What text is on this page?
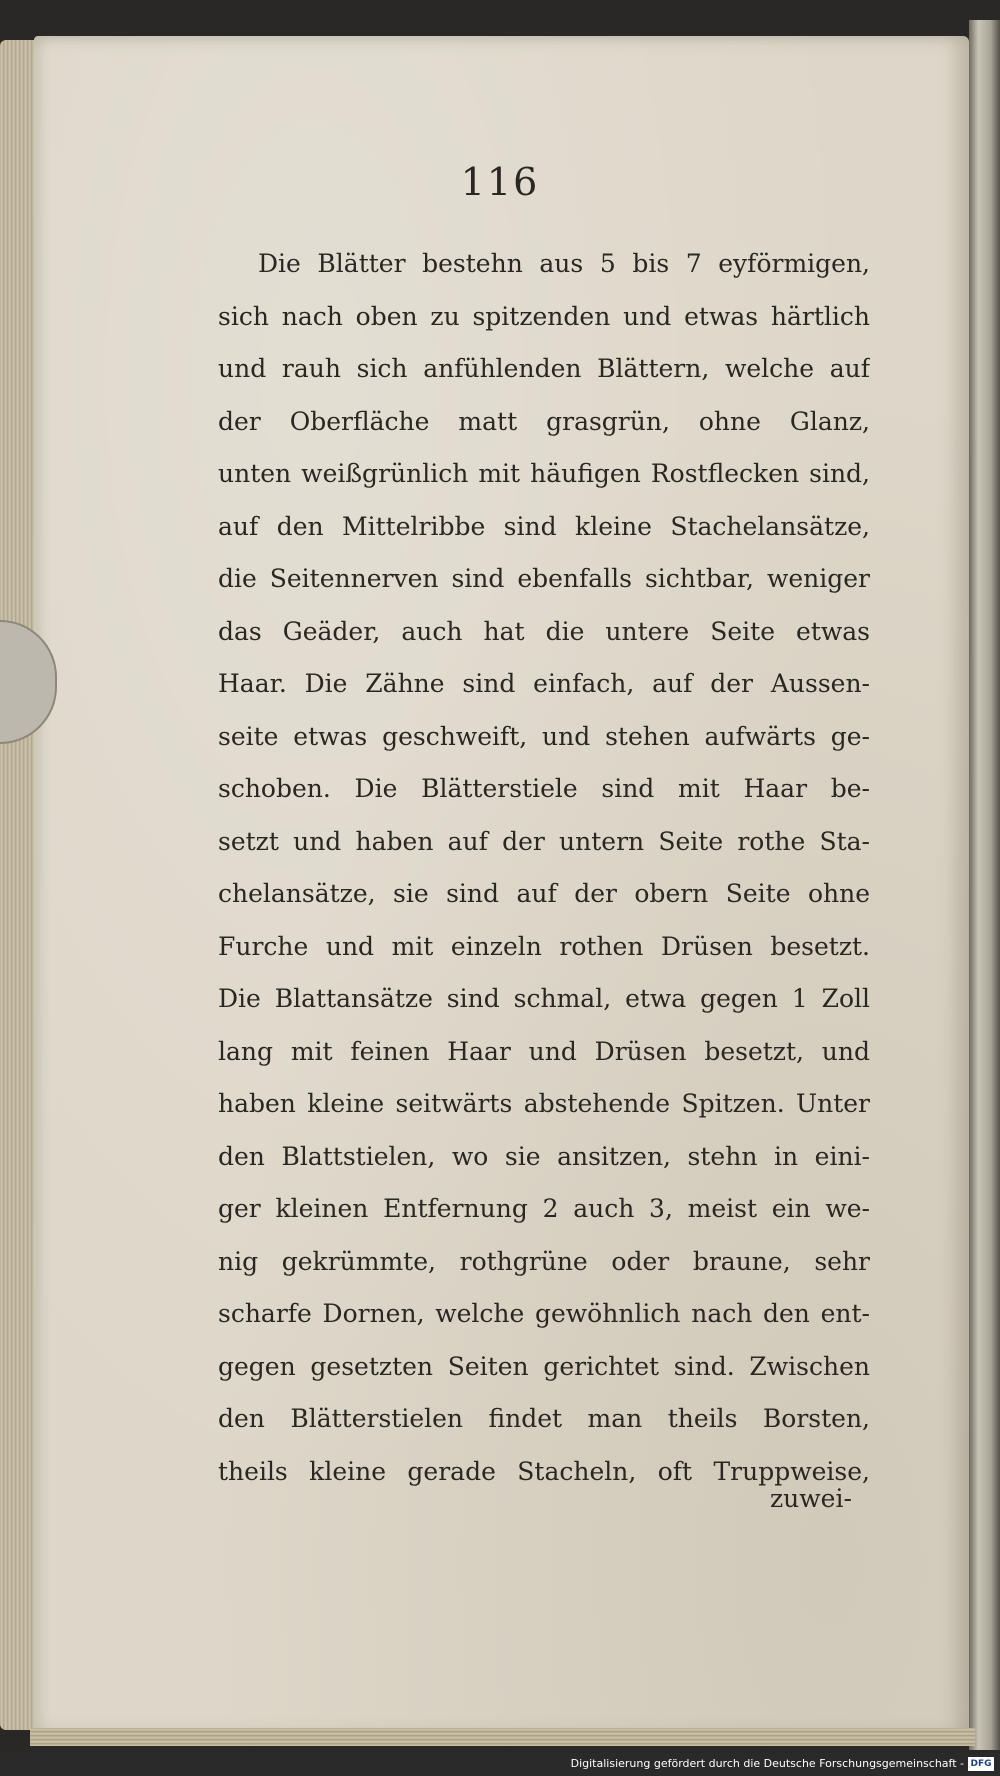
116
Die Blätter bestehn aus 5 bis 7 eyförmigen,
sich nach oben zu spitzenden und etwas härtlich
und rauh sich anfühlenden Blättern, welche auf
der Oberfläche matt grasgrün, ohne Glanz,
unten weißgrünlich mit häufigen Rostflecken sind,
auf den Mittelribbe sind kleine Stachelansätze,
die Seitennerven sind ebenfalls sichtbar, weniger
das Geäder, auch hat die untere Seite etwas
Haar. Die Zähne sind einfach, auf der Aussen-
seite etwas geschweift, und stehen aufwärts ge-
schoben. Die Blätterstiele sind mit Haar be-
setzt und haben auf der untern Seite rothe Sta-
chelansätze, sie sind auf der obern Seite ohne
Furche und mit einzeln rothen Drüsen besetzt.
Die Blattansätze sind schmal, etwa gegen 1 Zoll
lang mit feinen Haar und Drüsen besetzt, und
haben kleine seitwärts abstehende Spitzen. Unter
den Blattstielen, wo sie ansitzen, stehn in eini-
ger kleinen Entfernung 2 auch 3, meist ein we-
nig gekrümmte, rothgrüne oder braune, sehr
scharfe Dornen, welche gewöhnlich nach den ent-
gegen gesetzten Seiten gerichtet sind. Zwischen
den Blätterstielen findet man theils Borsten,
theils kleine gerade Stacheln, oft Truppweise,
zuwei-
Digitalisierung gefördert durch die Deutsche Forschungsgemeinschaft - DFG
